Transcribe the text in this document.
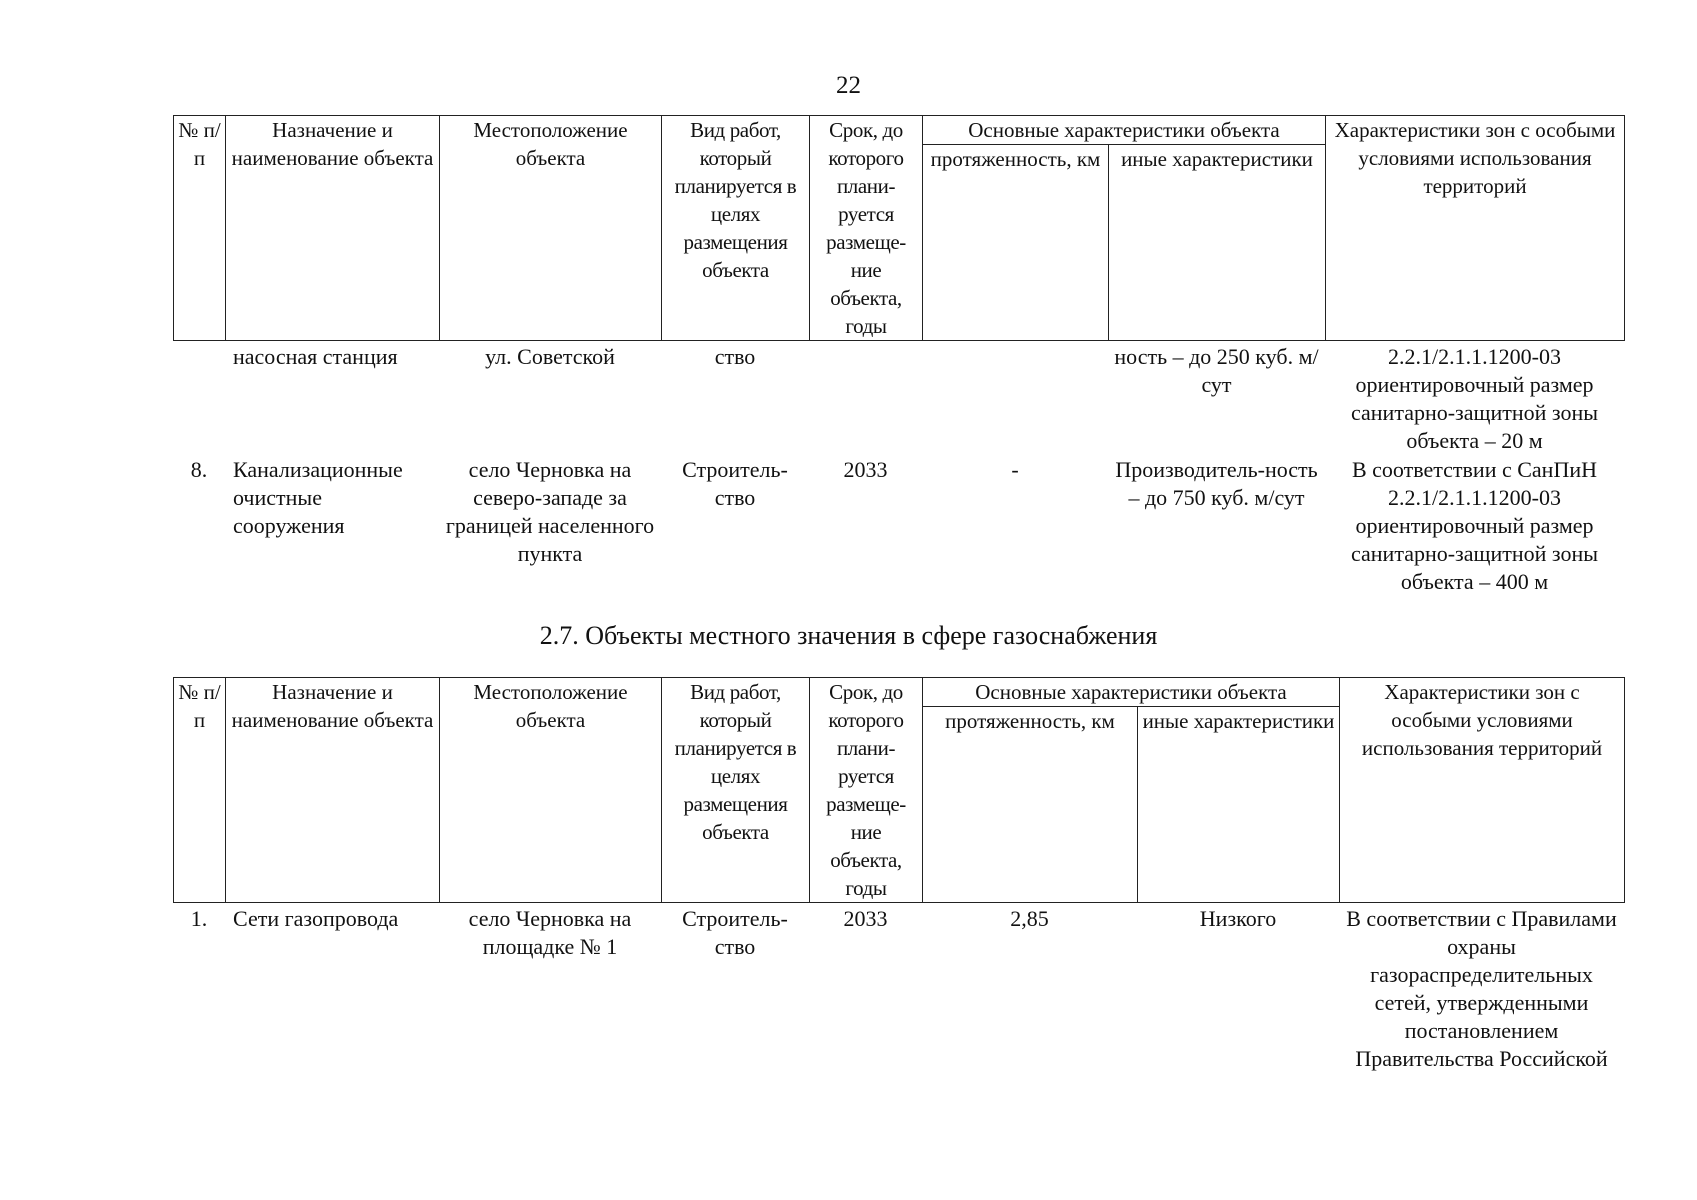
22
№ п/п	Назначение и наименование объекта	Местоположение объекта	Вид работ, который планируется в целях размещения объекта	Срок, до которого плани-руется размеще-ние объекта, годы	Основные характеристики объекта		Характеристики зон с особыми условиями использования территорий
					протяженность, км	иные характеристики	
	насосная станция	ул. Советской	ство			ность – до 250 куб. м/сут	2.2.1/2.1.1.1200-03 ориентировочный размер санитарно-защитной зоны объекта – 20 м
8.	Канализационные очистные сооружения	село Черновка на северо-западе за границей населенного пункта	Строитель-ство	2033	-	Производитель-ность – до 750 куб. м/сут	В соответствии с СанПиН 2.2.1/2.1.1.1200-03 ориентировочный размер санитарно-защитной зоны объекта – 400 м
2.7. Объекты местного значения в сфере газоснабжения
№ п/п	Назначение и наименование объекта	Местоположение объекта	Вид работ, который планируется в целях размещения объекта	Срок, до которого плани-руется размеще-ние объекта, годы	Основные характеристики объекта		Характеристики зон с особыми условиями использования территорий
					протяженность, км	иные характеристики	
1.	Сети газопровода	село Черновка на площадке № 1	Строитель-ство	2033	2,85	Низкого	В соответствии с Правилами охраны газораспределительных сетей, утвержденными постановлением Правительства Российской
